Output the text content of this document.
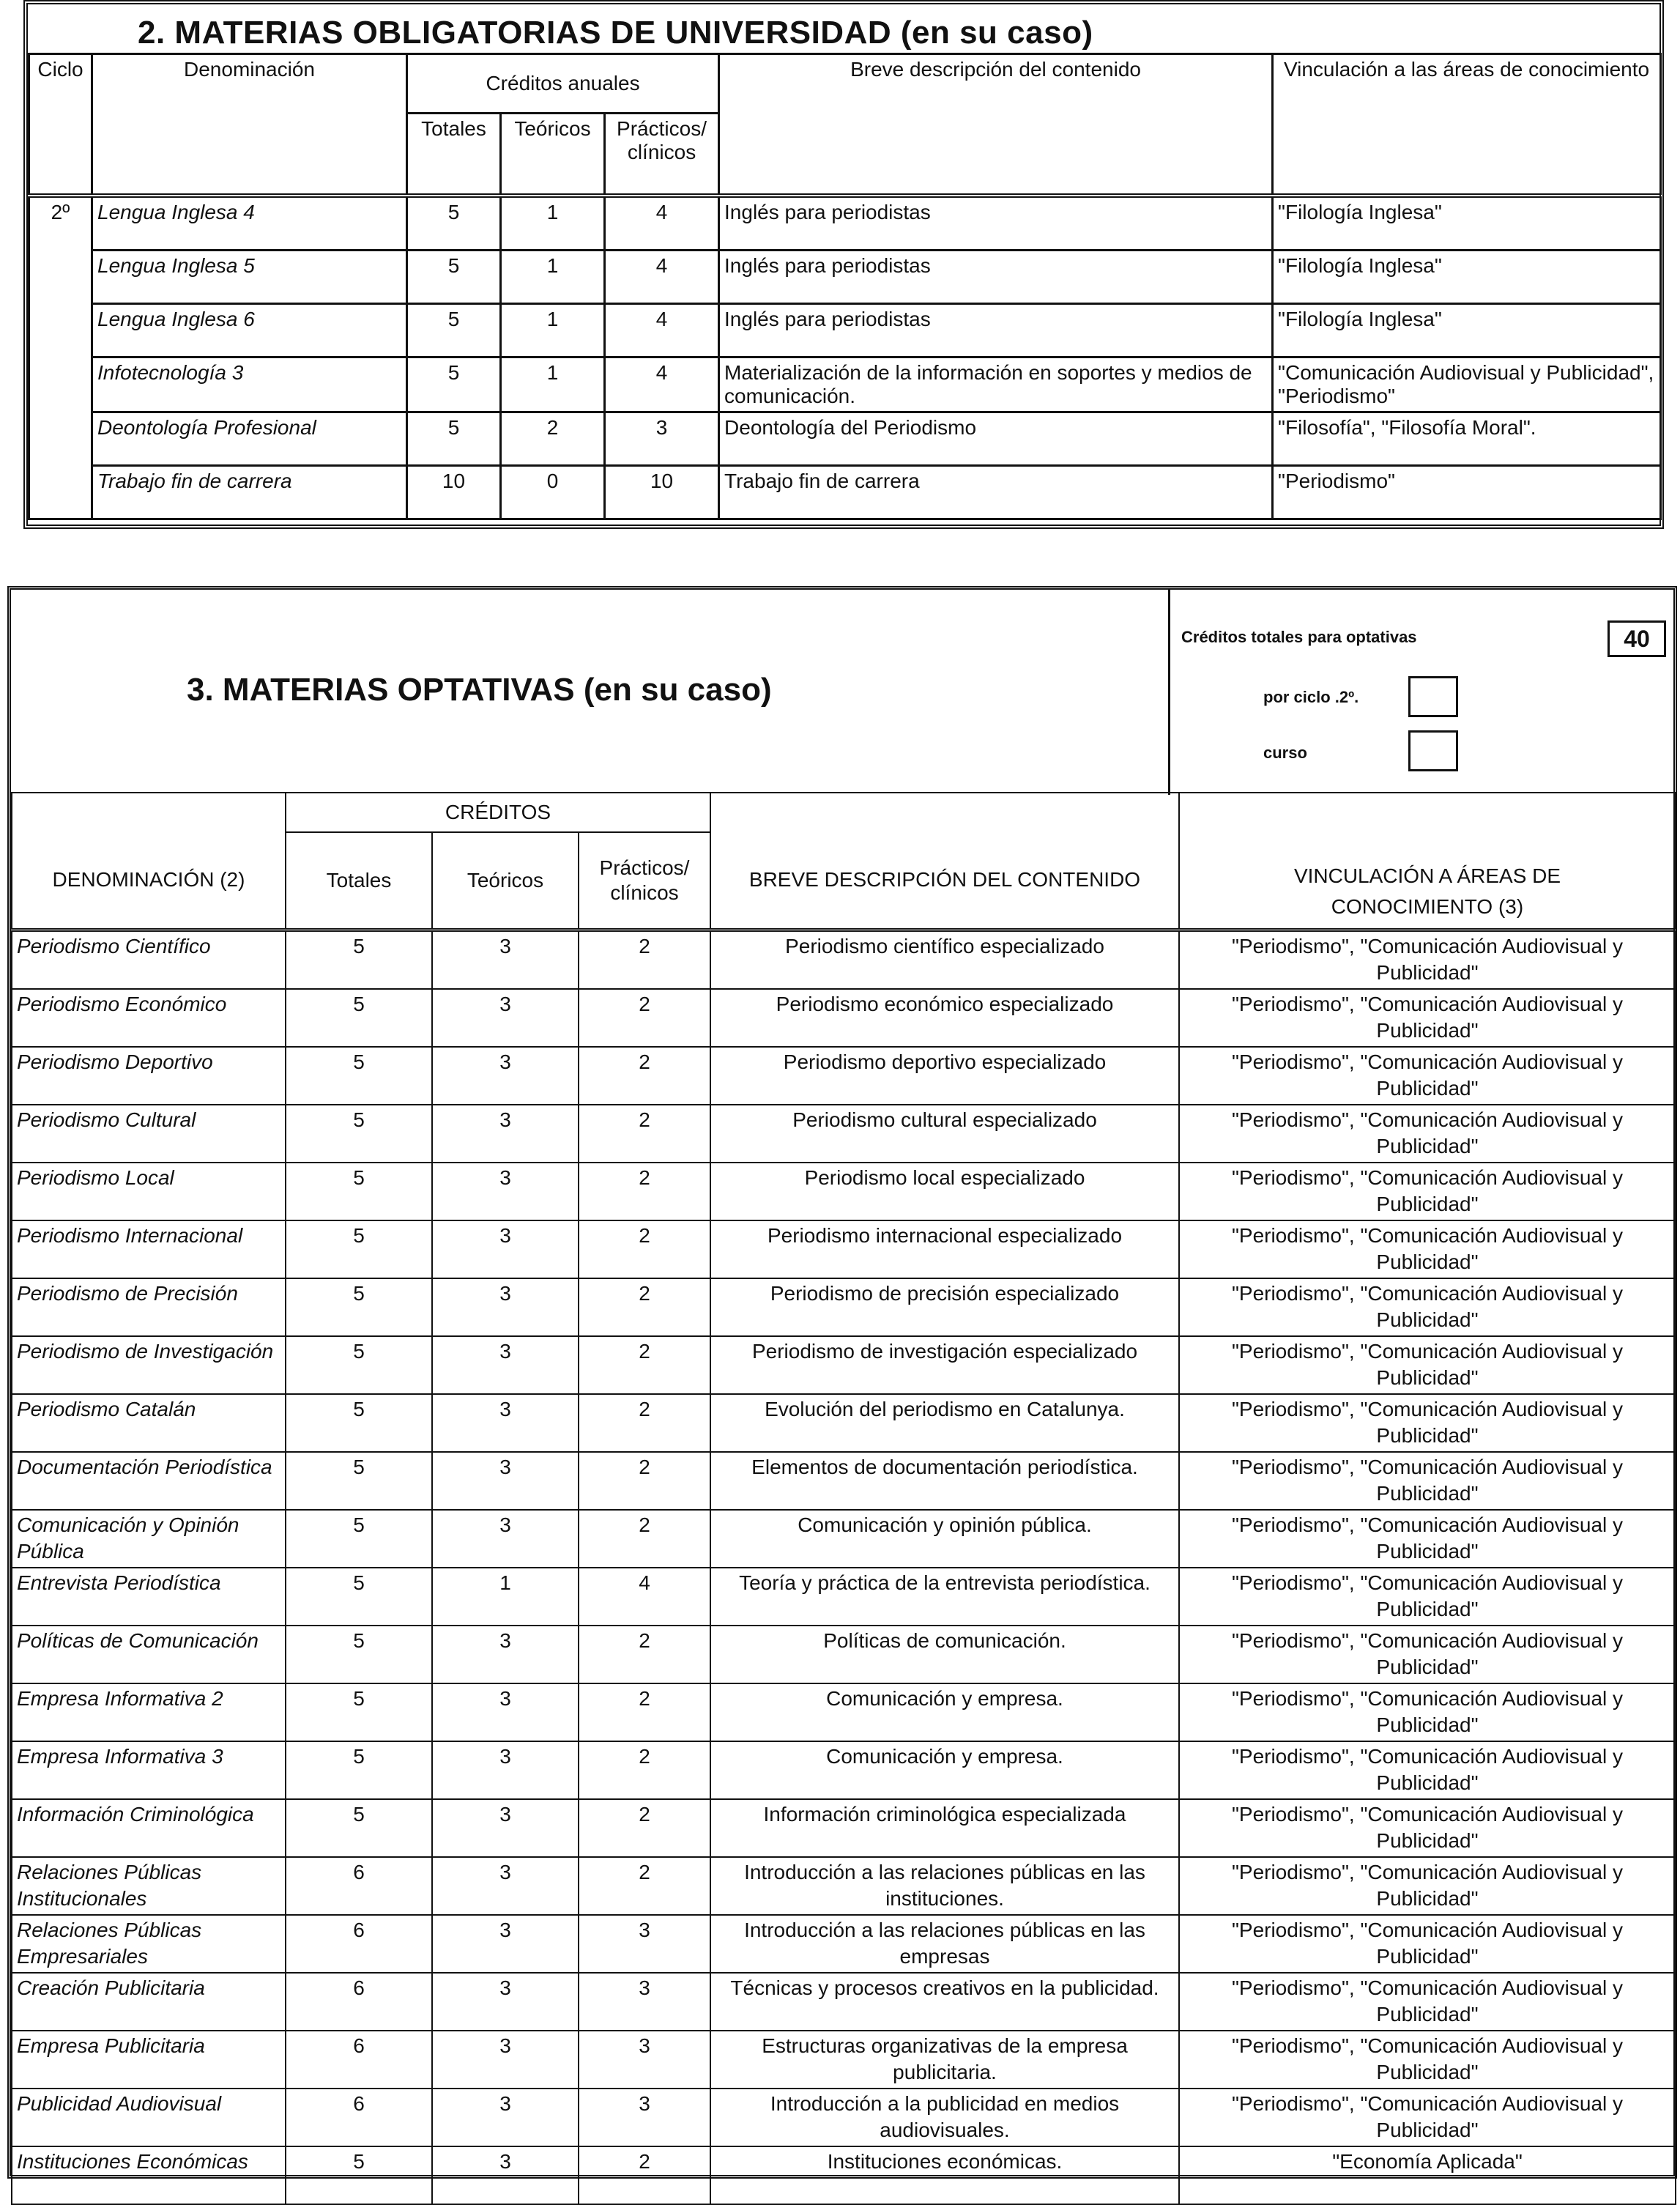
2. MATERIAS OBLIGATORIAS DE UNIVERSIDAD (en su caso)
Ciclo	Denominación	Créditos anuales			Breve descripción del contenido	Vinculación a las áreas de conocimiento
		Totales	Teóricos	Prácticos/ clínicos		
2º	Lengua Inglesa 4	5	1	4	Inglés para periodistas	"Filología Inglesa"
	Lengua Inglesa 5	5	1	4	Inglés para periodistas	"Filología Inglesa"
	Lengua Inglesa 6	5	1	4	Inglés para periodistas	"Filología Inglesa"
	Infotecnología 3	5	1	4	Materialización de la información en soportes y medios de comunicación.	"Comunicación Audiovisual y Publicidad", "Periodismo"
	Deontología Profesional	5	2	3	Deontología del Periodismo	"Filosofía", "Filosofía Moral".
	Trabajo fin de carrera	10	0	10	Trabajo fin de carrera	"Periodismo"
3. MATERIAS OPTATIVAS (en su caso)
Créditos totales para optativas	40
por ciclo .2º.
curso
DENOMINACIÓN (2)	CRÉDITOS			BREVE DESCRIPCIÓN DEL CONTENIDO	VINCULACIÓN A ÁREAS DE CONOCIMIENTO (3)
	Totales	Teóricos	Prácticos/ clínicos		
Periodismo Científico	5	3	2	Periodismo científico especializado	"Periodismo", "Comunicación Audiovisual y Publicidad"
Periodismo Económico	5	3	2	Periodismo económico especializado	"Periodismo", "Comunicación Audiovisual y Publicidad"
Periodismo Deportivo	5	3	2	Periodismo deportivo especializado	"Periodismo", "Comunicación Audiovisual y Publicidad"
Periodismo Cultural	5	3	2	Periodismo cultural especializado	"Periodismo", "Comunicación Audiovisual y Publicidad"
Periodismo Local	5	3	2	Periodismo local especializado	"Periodismo", "Comunicación Audiovisual y Publicidad"
Periodismo Internacional	5	3	2	Periodismo internacional especializado	"Periodismo", "Comunicación Audiovisual y Publicidad"
Periodismo de Precisión	5	3	2	Periodismo de precisión especializado	"Periodismo", "Comunicación Audiovisual y Publicidad"
Periodismo de Investigación	5	3	2	Periodismo de investigación especializado	"Periodismo", "Comunicación Audiovisual y Publicidad"
Periodismo Catalán	5	3	2	Evolución del periodismo en Catalunya.	"Periodismo", "Comunicación Audiovisual y Publicidad"
Documentación Periodística	5	3	2	Elementos de documentación periodística.	"Periodismo", "Comunicación Audiovisual y Publicidad"
Comunicación y Opinión Pública	5	3	2	Comunicación y opinión pública.	"Periodismo", "Comunicación Audiovisual y Publicidad"
Entrevista Periodística	5	1	4	Teoría y práctica de la entrevista periodística.	"Periodismo", "Comunicación Audiovisual y Publicidad"
Políticas de Comunicación	5	3	2	Políticas de comunicación.	"Periodismo", "Comunicación Audiovisual y Publicidad"
Empresa Informativa 2	5	3	2	Comunicación y empresa.	"Periodismo", "Comunicación Audiovisual y Publicidad"
Empresa Informativa 3	5	3	2	Comunicación y empresa.	"Periodismo", "Comunicación Audiovisual y Publicidad"
Información Criminológica	5	3	2	Información criminológica especializada	"Periodismo", "Comunicación Audiovisual y Publicidad"
Relaciones Públicas Institucionales	6	3	2	Introducción a las relaciones públicas en las instituciones.	"Periodismo", "Comunicación Audiovisual y Publicidad"
Relaciones Públicas Empresariales	6	3	3	Introducción a las relaciones públicas en las empresas	"Periodismo", "Comunicación Audiovisual y Publicidad"
Creación Publicitaria	6	3	3	Técnicas y procesos creativos en la publicidad.	"Periodismo", "Comunicación Audiovisual y Publicidad"
Empresa Publicitaria	6	3	3	Estructuras organizativas de la empresa publicitaria.	"Periodismo", "Comunicación Audiovisual y Publicidad"
Publicidad Audiovisual	6	3	3	Introducción a la publicidad en medios audiovisuales.	"Periodismo", "Comunicación Audiovisual y Publicidad"
Instituciones Económicas	5	3	2	Instituciones económicas.	"Economía Aplicada"
